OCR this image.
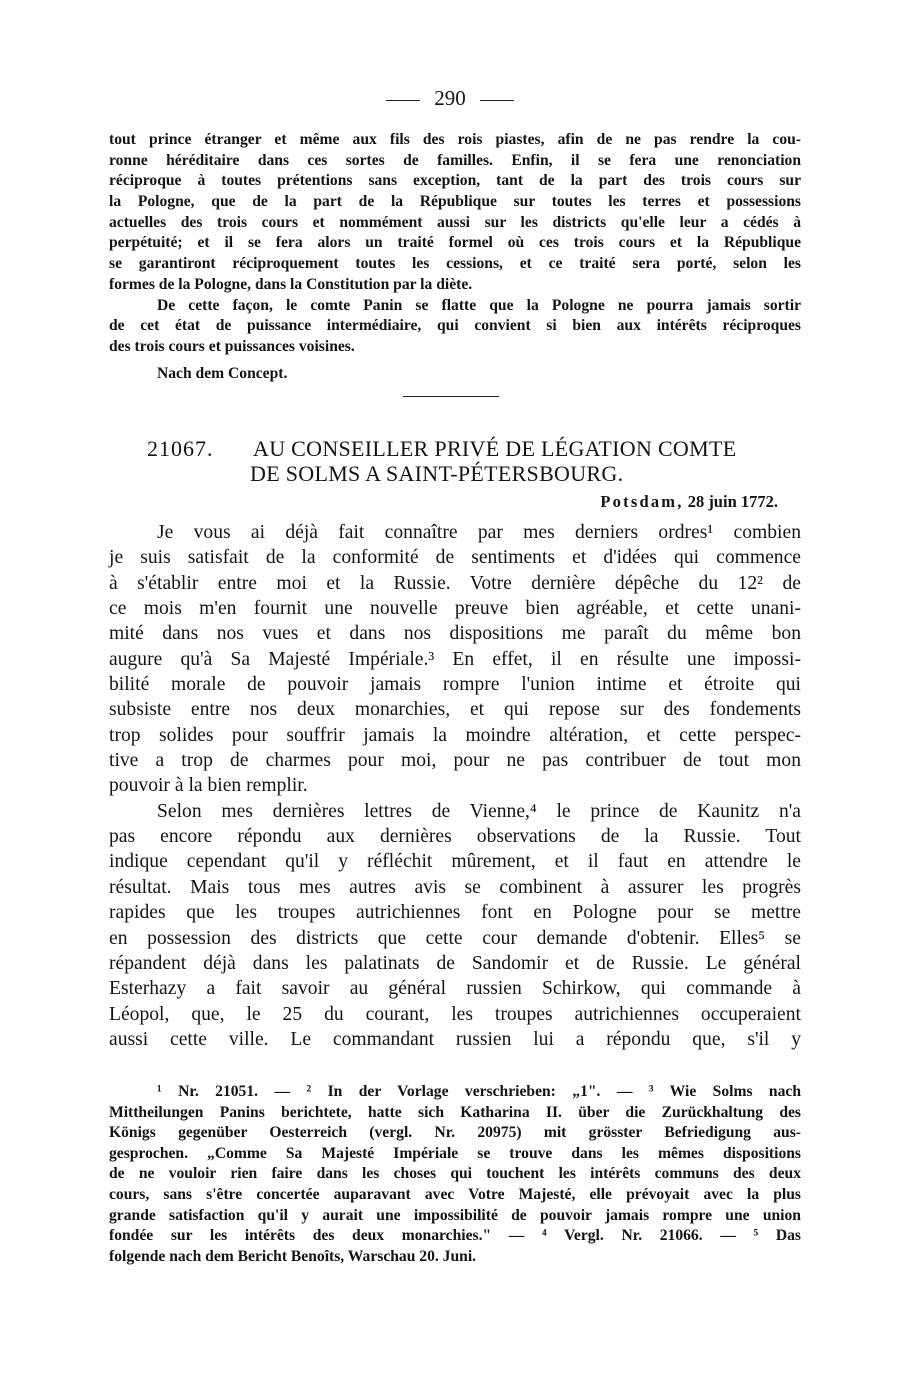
290
tout prince étranger et même aux fils des rois piastes, afin de ne pas rendre la cou-
ronne héréditaire dans ces sortes de familles. Enfin, il se fera une renonciation
réciproque à toutes prétentions sans exception, tant de la part des trois cours sur
la Pologne, que de la part de la République sur toutes les terres et possessions
actuelles des trois cours et nommément aussi sur les districts qu'elle leur a cédés à
perpétuité; et il se fera alors un traité formel où ces trois cours et la République
se garantiront réciproquement toutes les cessions, et ce traité sera porté, selon les
formes de la Pologne, dans la Constitution par la diète.
De cette façon, le comte Panin se flatte que la Pologne ne pourra jamais sortir
de cet état de puissance intermédiaire, qui convient si bien aux intérêts réciproques
des trois cours et puissances voisines.
Nach dem Concept.
21067. AU CONSEILLER PRIVÉ DE LÉGATION COMTE
DE SOLMS A SAINT-PÉTERSBOURG.
Potsdam, 28 juin 1772.
Je vous ai déjà fait connaître par mes derniers ordres¹ combien
je suis satisfait de la conformité de sentiments et d'idées qui commence
à s'établir entre moi et la Russie. Votre dernière dépêche du 12² de
ce mois m'en fournit une nouvelle preuve bien agréable, et cette unani-
mité dans nos vues et dans nos dispositions me paraît du même bon
augure qu'à Sa Majesté Impériale.³ En effet, il en résulte une impossi-
bilité morale de pouvoir jamais rompre l'union intime et étroite qui
subsiste entre nos deux monarchies, et qui repose sur des fondements
trop solides pour souffrir jamais la moindre altération, et cette perspec-
tive a trop de charmes pour moi, pour ne pas contribuer de tout mon
pouvoir à la bien remplir.
Selon mes dernières lettres de Vienne,⁴ le prince de Kaunitz n'a
pas encore répondu aux dernières observations de la Russie. Tout
indique cependant qu'il y réfléchit mûrement, et il faut en attendre le
résultat. Mais tous mes autres avis se combinent à assurer les progrès
rapides que les troupes autrichiennes font en Pologne pour se mettre
en possession des districts que cette cour demande d'obtenir. Elles⁵ se
répandent déjà dans les palatinats de Sandomir et de Russie. Le général
Esterhazy a fait savoir au général russien Schirkow, qui commande à
Léopol, que, le 25 du courant, les troupes autrichiennes occuperaient
aussi cette ville. Le commandant russien lui a répondu que, s'il y
¹ Nr. 21051. — ² In der Vorlage verschrieben: „1". — ³ Wie Solms nach
Mittheilungen Panins berichtete, hatte sich Katharina II. über die Zurückhaltung des
Königs gegenüber Oesterreich (vergl. Nr. 20975) mit grösster Befriedigung aus-
gesprochen. „Comme Sa Majesté Impériale se trouve dans les mêmes dispositions
de ne vouloir rien faire dans les choses qui touchent les intérêts communs des deux
cours, sans s'être concertée auparavant avec Votre Majesté, elle prévoyait avec la plus
grande satisfaction qu'il y aurait une impossibilité de pouvoir jamais rompre une union
fondée sur les intérêts des deux monarchies." — ⁴ Vergl. Nr. 21066. — ⁵ Das
folgende nach dem Bericht Benoîts, Warschau 20. Juni.
